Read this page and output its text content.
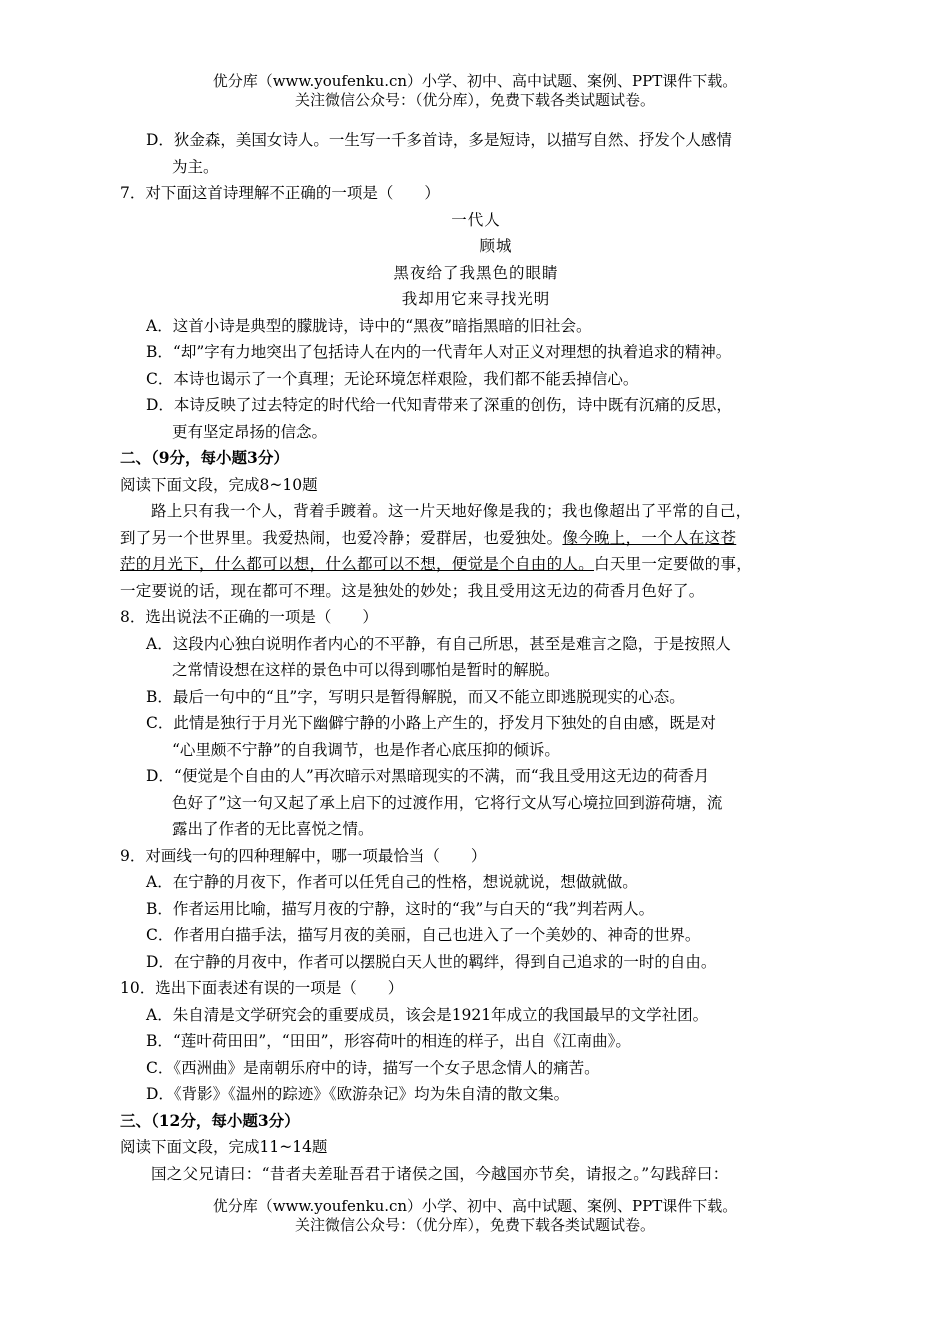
优分库（www.youfenku.cn）小学、初中、高中试题、案例、PPT课件下载。
关注微信公众号：（优分库），免费下载各类试题试卷。

D．狄金森，美国女诗人。一生写一千多首诗，多是短诗，以描写自然、抒发个人感情

为主。

7．对下面这首诗理解不正确的一项是（　　）

一代人

顾城

黑夜给了我黑色的眼睛

我却用它来寻找光明

A．这首小诗是典型的朦胧诗，诗中的“黑夜”暗指黑暗的旧社会。

B．“却”字有力地突出了包括诗人在内的一代青年人对正义对理想的执着追求的精神。

C．本诗也谒示了一个真理；无论环境怎样艰险，我们都不能丢掉信心。

D．本诗反映了过去特定的时代给一代知青带来了深重的创伤，诗中既有沉痛的反思，

更有坚定昂扬的信念。

二、（9分，每小题3分）

阅读下面文段，完成8~10题

路上只有我一个人，背着手踱着。这一片天地好像是我的；我也像超出了平常的自己，

到了另一个世界里。我爱热闹，也爱冷静；爱群居，也爱独处。像今晚上，一个人在这苍

茫的月光下，什么都可以想，什么都可以不想，便觉是个自由的人。白天里一定要做的事，

一定要说的话，现在都可不理。这是独处的妙处；我且受用这无边的荷香月色好了。

8．选出说法不正确的一项是（　　）

A．这段内心独白说明作者内心的不平静，有自己所思，甚至是难言之隐，于是按照人

之常情设想在这样的景色中可以得到哪怕是暂时的解脱。

B．最后一句中的“且”字，写明只是暂得解脱，而又不能立即逃脱现实的心态。

C．此情是独行于月光下幽僻宁静的小路上产生的，抒发月下独处的自由感，既是对

“心里颇不宁静”的自我调节，也是作者心底压抑的倾诉。

D．“便觉是个自由的人”再次暗示对黑暗现实的不满，而“我且受用这无边的荷香月

色好了”这一句又起了承上启下的过渡作用，它将行文从写心境拉回到游荷塘，流

露出了作者的无比喜悦之情。

9．对画线一句的四种理解中，哪一项最恰当（　　）

A．在宁静的月夜下，作者可以任凭自己的性格，想说就说，想做就做。

B．作者运用比喻，描写月夜的宁静，这时的“我”与白天的“我”判若两人。

C．作者用白描手法，描写月夜的美丽，自己也进入了一个美妙的、神奇的世界。

D．在宁静的月夜中，作者可以摆脱白天人世的羁绊，得到自己追求的一时的自由。

10．选出下面表述有误的一项是（　　）

A．朱自清是文学研究会的重要成员，该会是1921年成立的我国最早的文学社团。

B．“莲叶荷田田”，“田田”，形容荷叶的相连的样子，出自《江南曲》。

C．《西洲曲》是南朝乐府中的诗，描写一个女子思念情人的痛苦。

D．《背影》《温州的踪迹》《欧游杂记》均为朱自清的散文集。

三、（12分，每小题3分）

阅读下面文段，完成11~14题

国之父兄请曰：“昔者夫差耻吾君于诸侯之国，今越国亦节矣，请报之。”勾践辞曰：

优分库（www.youfenku.cn）小学、初中、高中试题、案例、PPT课件下载。
关注微信公众号：（优分库），免费下载各类试题试卷。
